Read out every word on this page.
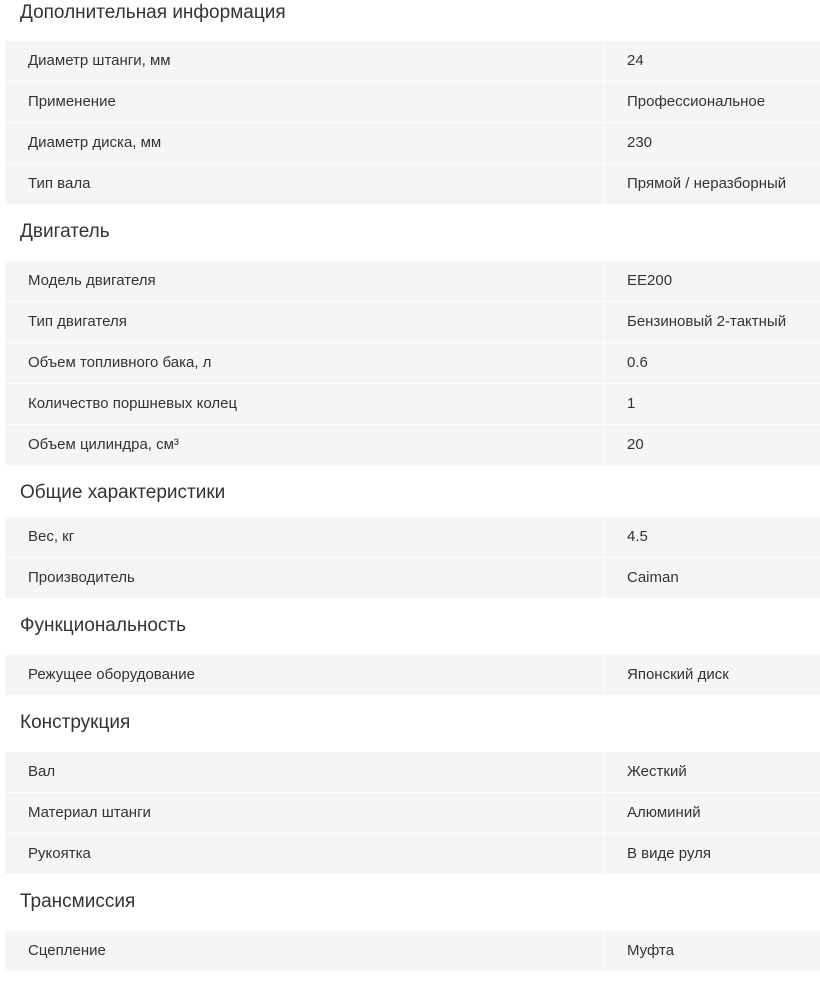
Дополнительная информация
Диаметр штанги, мм	24
Применение	Профессиональное
Диаметр диска, мм	230
Тип вала	Прямой / неразборный
Двигатель
Модель двигателя	EE200
Тип двигателя	Бензиновый 2-тактный
Объем топливного бака, л	0.6
Количество поршневых колец	1
Объем цилиндра, см³	20
Общие характеристики
Вес, кг	4.5
Производитель	Caiman
Функциональность
Режущее оборудование	Японский диск
Конструкция
Вал	Жесткий
Материал штанги	Алюминий
Рукоятка	В виде руля
Трансмиссия
Сцепление	Муфта
